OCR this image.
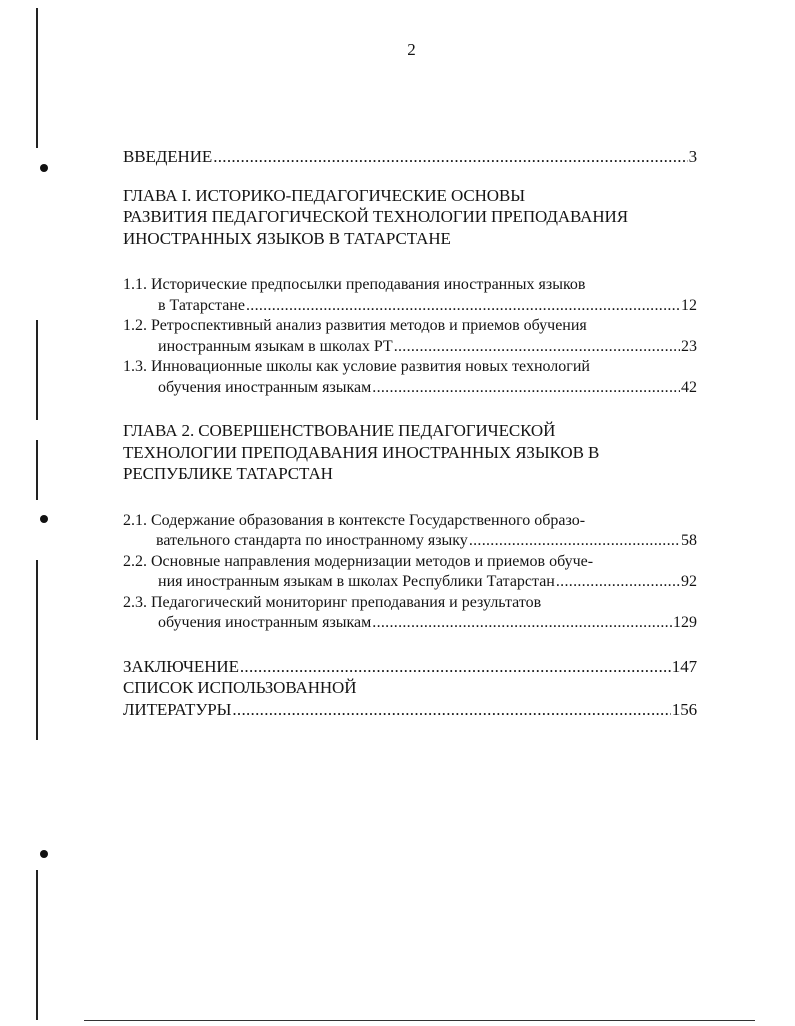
2
ВВЕДЕНИЕ .....	3
ГЛАВА I. ИСТОРИКО-ПЕДАГОГИЧЕСКИЕ ОСНОВЫ
РАЗВИТИЯ ПЕДАГОГИЧЕСКОЙ ТЕХНОЛОГИИ ПРЕПОДАВАНИЯ
ИНОСТРАННЫХ ЯЗЫКОВ В ТАТАРСТАНЕ
1.1. Исторические предпосылки преподавания иностранных языков
в Татарстане .....	12
1.2. Ретроспективный анализ развития методов и приемов обучения
иностранным языкам в школах РТ .....	23
1.3. Инновационные школы как условие развития новых технологий
обучения иностранным языкам .....	42
ГЛАВА 2. СОВЕРШЕНСТВОВАНИЕ ПЕДАГОГИЧЕСКОЙ
ТЕХНОЛОГИИ ПРЕПОДАВАНИЯ ИНОСТРАННЫХ ЯЗЫКОВ В
РЕСПУБЛИКЕ ТАТАРСТАН
2.1. Содержание образования в контексте Государственного образо-
вательного стандарта по иностранному языку .....	58
2.2. Основные направления модернизации методов и приемов обуче-
ния иностранным языкам в школах Республики Татарстан .....	92
2.3. Педагогический мониторинг преподавания и результатов
обучения иностранным языкам .....	129
ЗАКЛЮЧЕНИЕ .....	147
СПИСОК ИСПОЛЬЗОВАННОЙ
ЛИТЕРАТУРЫ .....	156
